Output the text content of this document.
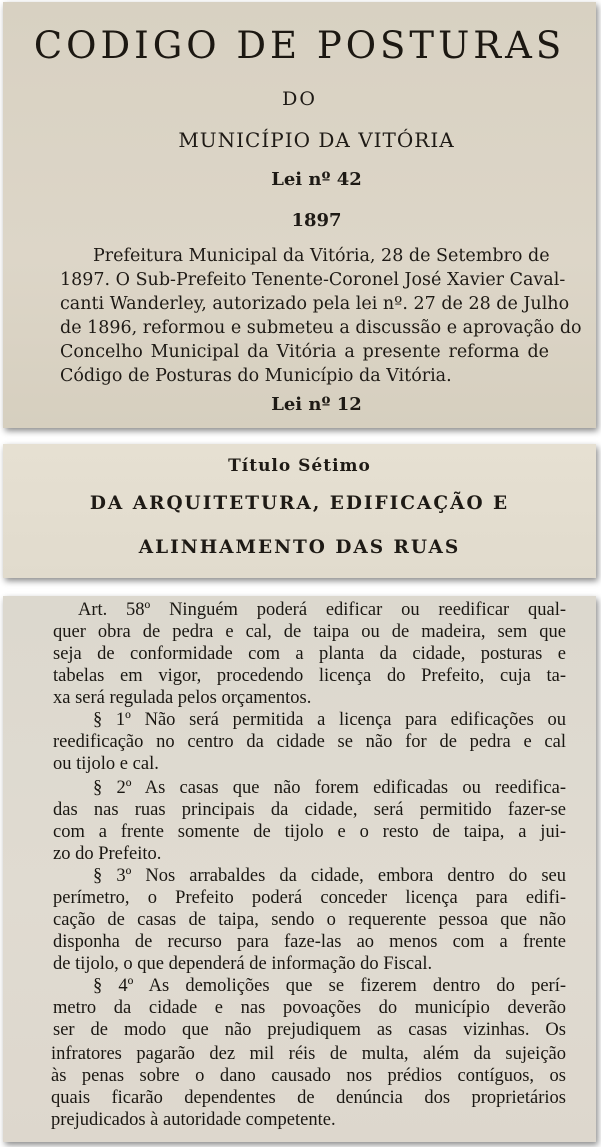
CODIGO DE POSTURAS
DO
MUNICÍPIO DA VITÓRIA
Lei nº 42
1897
Prefeitura Municipal da Vitória, 28 de Setembro de
1897. O Sub-Prefeito Tenente-Coronel José Xavier Caval-
canti Wanderley, autorizado pela lei nº. 27 de 28 de Julho
de 1896, reformou e submeteu a discussão e aprovação do
Concelho Municipal da Vitória a presente reforma de
Código de Posturas do Município da Vitória.
Lei nº 12
Título Sétimo
DA ARQUITETURA, EDIFICAÇÃO E
ALINHAMENTO DAS RUAS
Art. 58º Ninguém poderá edificar ou reedificar qual-
quer obra de pedra e cal, de taipa ou de madeira, sem que
seja de conformidade com a planta da cidade, posturas e
tabelas em vigor, procedendo licença do Prefeito, cuja ta-
xa será regulada pelos orçamentos.
§ 1º Não será permitida a licença para edificações ou
reedificação no centro da cidade se não for de pedra e cal
ou tijolo e cal.
§ 2º As casas que não forem edificadas ou reedifica-
das nas ruas principais da cidade, será permitido fazer-se
com a frente somente de tijolo e o resto de taipa, a jui-
zo do Prefeito.
§ 3º Nos arrabaldes da cidade, embora dentro do seu
perímetro, o Prefeito poderá conceder licença para edifi-
cação de casas de taipa, sendo o requerente pessoa que não
disponha de recurso para faze-las ao menos com a frente
de tijolo, o que dependerá de informação do Fiscal.
§ 4º As demolições que se fizerem dentro do perí-
metro da cidade e nas povoações do município deverão
ser de modo que não prejudiquem as casas vizinhas. Os
infratores pagarão dez mil réis de multa, além da sujeição
às penas sobre o dano causado nos prédios contíguos, os
quais ficarão dependentes de denúncia dos proprietários
prejudicados à autoridade competente.
